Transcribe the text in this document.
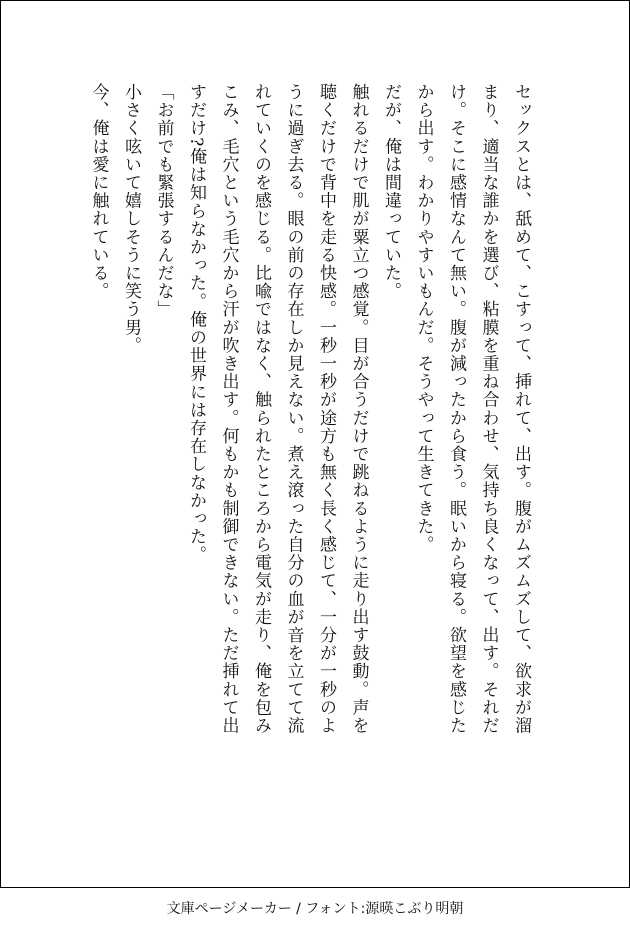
セックスとは、舐めて、こすって、挿れて、出す。腹がムズムズして、欲求が溜

まり、適当な誰かを選び、粘膜を重ね合わせ、気持ち良くなって、出す。それだ

け。そこに感情なんて無い。腹が減ったから食う。眠いから寝る。欲望を感じた

から出す。わかりやすいもんだ。そうやって生きてきた。

だが、俺は間違っていた。

触れるだけで肌が粟立つ感覚。目が合うだけで跳ねるように走り出す鼓動。声を

聴くだけで背中を走る快感。一秒一秒が途方も無く長く感じて、一分が一秒のよ

うに過ぎ去る。眼の前の存在しか見えない。煮え滾った自分の血が音を立てて流

れていくのを感じる。比喩ではなく、触られたところから電気が走り、俺を包み

こみ、毛穴という毛穴から汗が吹き出す。何もかも制御できない。ただ挿れて出

すだけ?俺は知らなかった。俺の世界には存在しなかった。

「お前でも緊張するんだな」

小さく呟いて嬉しそうに笑う男。

今、俺は愛に触れている。

文庫ページメーカー / フォント:源暎こぶり明朝
